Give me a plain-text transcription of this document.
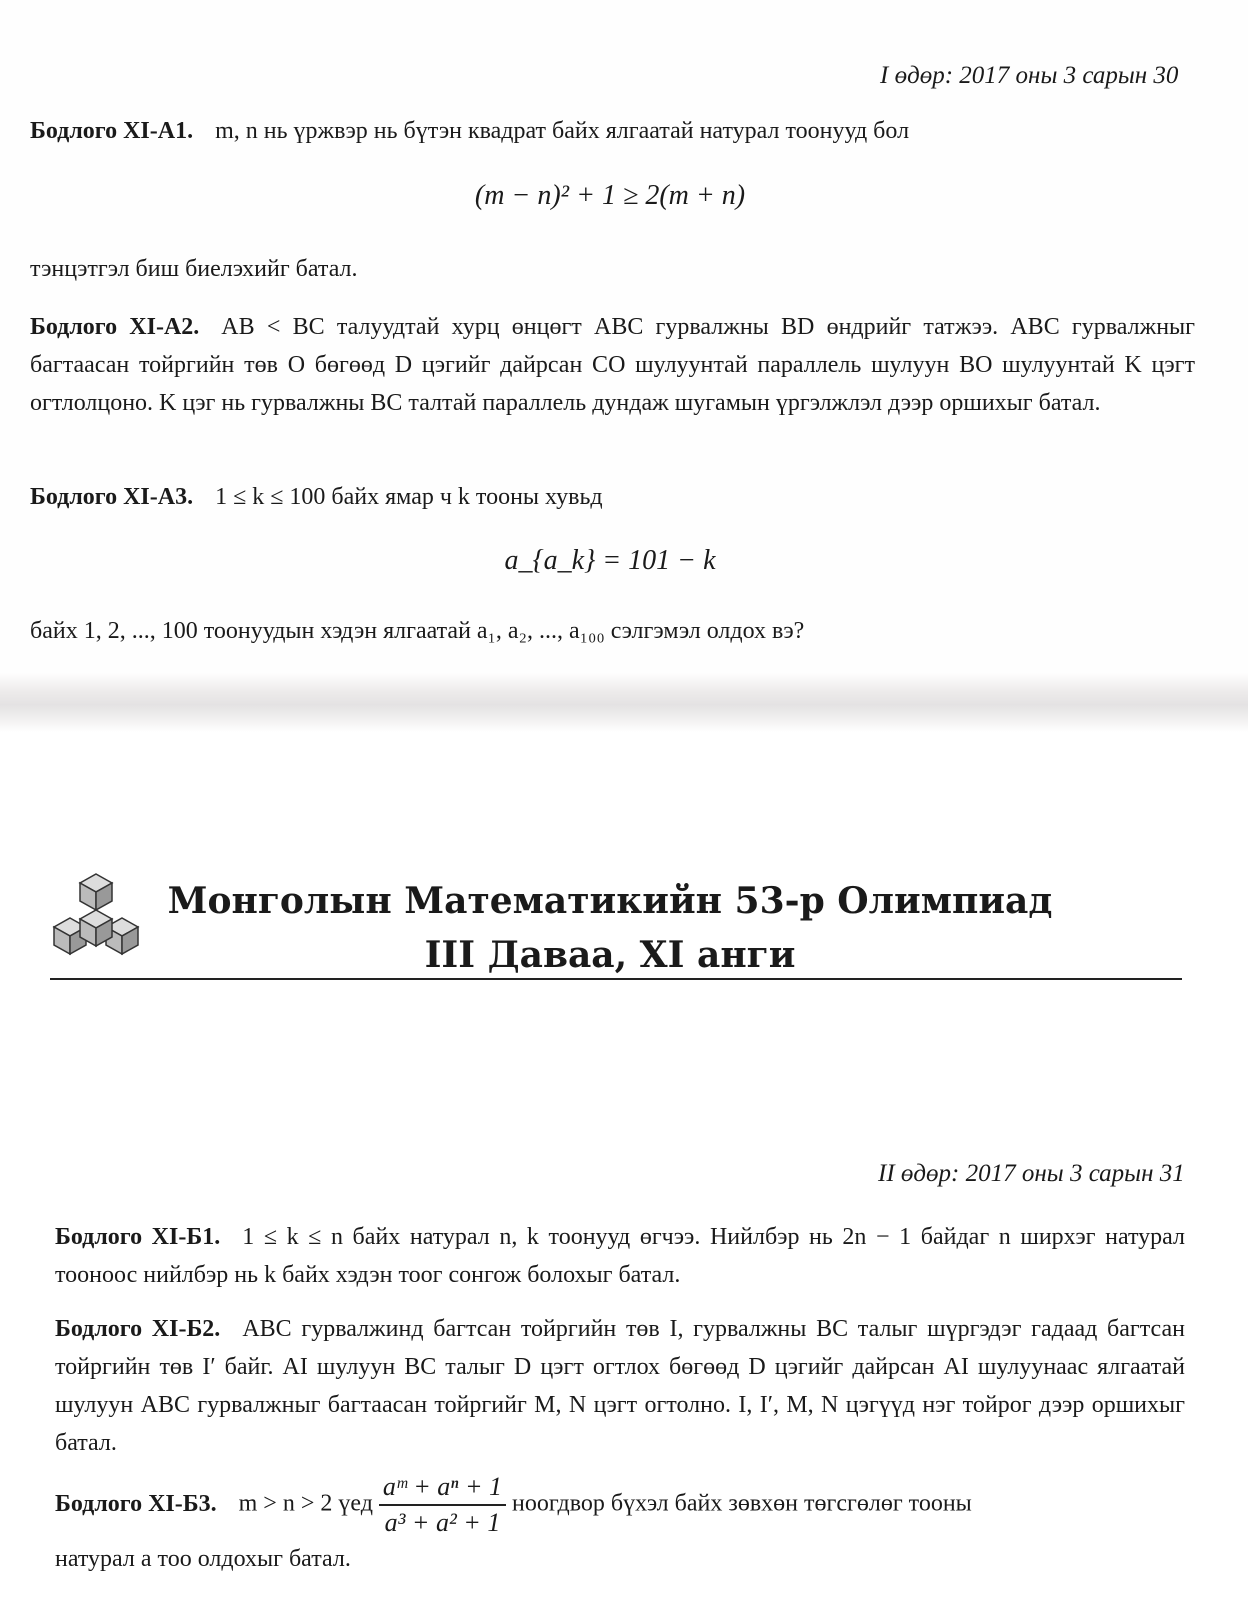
I өдөр: 2017 оны 3 сарын 30
Бодлого XI-A1. m, n нь үржвэр нь бүтэн квадрат байх ялгаатай натурал тоонууд бол
(m − n)² + 1 ≥ 2(m + n)
тэнцэтгэл биш биелэхийг батал.
Бодлого XI-A2. AB < BC талуудтай хурц өнцөгт ABC гурвалжны BD өндрийг татжээ. ABC гурвалжныг багтаасан тойргийн төв O бөгөөд D цэгийг дайрсан CO шулуунтай параллель шулуун BO шулуунтай K цэгт огтлолцоно. K цэг нь гурвалжны BC талтай параллель дундаж шугамын үргэлжлэл дээр оршихыг батал.
Бодлого XI-A3. 1 ≤ k ≤ 100 байх ямар ч k тооны хувьд
a_{a_k} = 101 − k
байх 1, 2, ..., 100 тоонуудын хэдэн ялгаатай a₁, a₂, ..., a₁₀₀ сэлгэмэл олдох вэ?
Монголын Математикийн 53-р Олимпиад
III Даваа, XI анги
II өдөр: 2017 оны 3 сарын 31
Бодлого XI-Б1. 1 ≤ k ≤ n байх натурал n, k тоонууд өгчээ. Нийлбэр нь 2n − 1 байдаг n ширхэг натурал тооноос нийлбэр нь k байх хэдэн тоог сонгож болохыг батал.
Бодлого XI-Б2. ABC гурвалжинд багтсан тойргийн төв I, гурвалжны BC талыг шүргэдэг гадаад багтсан тойргийн төв I′ байг. AI шулуун BC талыг D цэгт огтлох бөгөөд D цэгийг дайрсан AI шулуунаас ялгаатай шулуун ABC гурвалжныг багтаасан тойргийг M, N цэгт огтолно. I, I′, M, N цэгүүд нэг тойрог дээр оршихыг батал.
Бодлого XI-Б3. m > n > 2 үед $\frac{\text{aᵐ + aⁿ + 1}}{\text{a³ + a² + 1}}$ ноогдвор бүхэл байх зөвхөн төгсгөлөг тооны
натурал a тоо олдохыг батал.
